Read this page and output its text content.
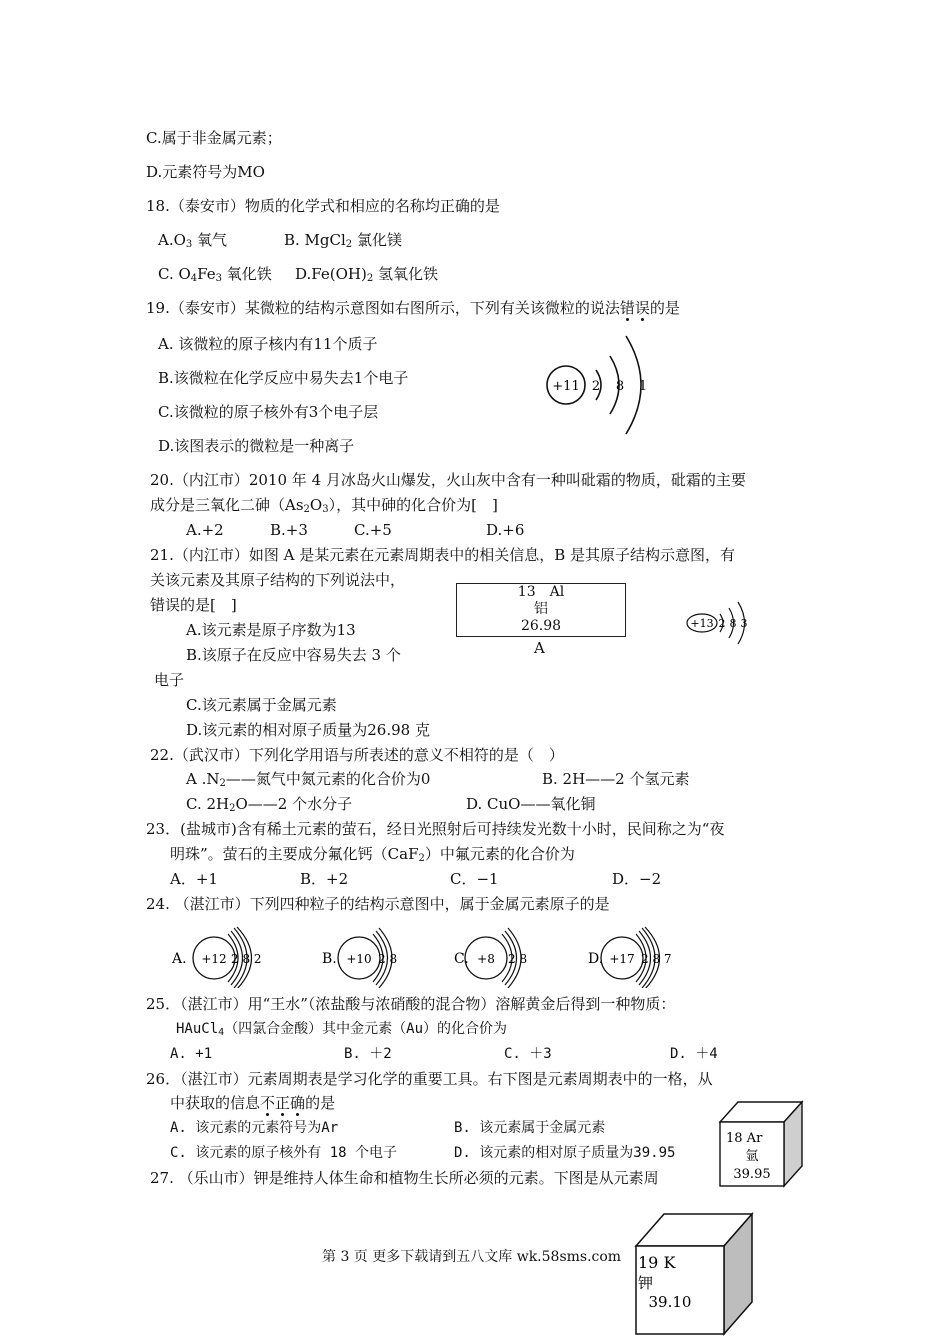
C.属于非金属元素；
D.元素符号为MO
18.（泰安市）物质的化学式和相应的名称均正确的是
$A.O_3$ 氧气	B. MgCl$_2$ 氯化镁
C. $O_4Fe_3$ 氧化铁 $D.Fe(OH)_2$ 氢氧化铁
19.（泰安市）某微粒的结构示意图如右图所示，下列有关该微粒的说法错误的是
A. 该微粒的原子核内有11个质子
B.该微粒在化学反应中易失去1个电子
C.该微粒的原子核外有3个电子层
D.该图表示的微粒是一种离子
+11 2 8 1
20.（内江市）2010 年 4 月冰岛火山爆发，火山灰中含有一种叫砒霜的物质，砒霜的主要
成分是三氧化二砷$(As_2O_3)$，其中砷的化合价为[　]
A.+2	B.+3	C.+5	D.+6
21.（内江市）如图 A 是某元素在元素周期表中的相关信息，B 是其原子结构示意图，有
关该元素及其原子结构的下列说法中，
错误的是[　]
A.该元素是原子序数为13
B.该原子在反应中容易失去 3 个
电子
C.该元素属于金属元素
D.该元素的相对原子质量为26.98 克
13　Al
铝
26.98
A
+13 2 8 3
22.（武汉市）下列化学用语与所表述的意义不相符的是（　）
A $.N_2——$氮气中氮元素的化合价为0	B. 2H——2 个氢元素
C. $2H_2O——2$ 个水分子	D. CuO——氧化铜
23．(盐城市)含有稀土元素的萤石，经日光照射后可持续发光数十小时，民间称之为“夜
明珠”。萤石的主要成分氟化钙（CaF$_2$）中氟元素的化合价为
A．+1	B．+2	C．−1	D．−2
24. （湛江市）下列四种粒子的结构示意图中，属于金属元素原子的是
A. +12 2 8 2	B. +10 2 8	C. +8 2 8	D. +17 2 8 7
25．（湛江市）用“王水”（浓盐酸与浓硝酸的混合物）溶解黄金后得到一种物质：
HAuCl$_4$（四氯合金酸）其中金元素（Au）的化合价为
A. +1	B. ＋2	C. ＋3	D. ＋4
26．（湛江市）元素周期表是学习化学的重要工具。右下图是元素周期表中的一格，从
中获取的信息不正确的是
A. 该元素的元素符号为Ar	B. 该元素属于金属元素
C. 该元素的原子核外有 18 个电子	D. 该元素的相对原子质量为39.95
18 Ar
氩
39.95
27. （乐山市）钾是维持人体生命和植物生长所必须的元素。下图是从元素周
19 K
钾
39.10
第 3 页 更多下载请到五八文库 wk.58sms.com
